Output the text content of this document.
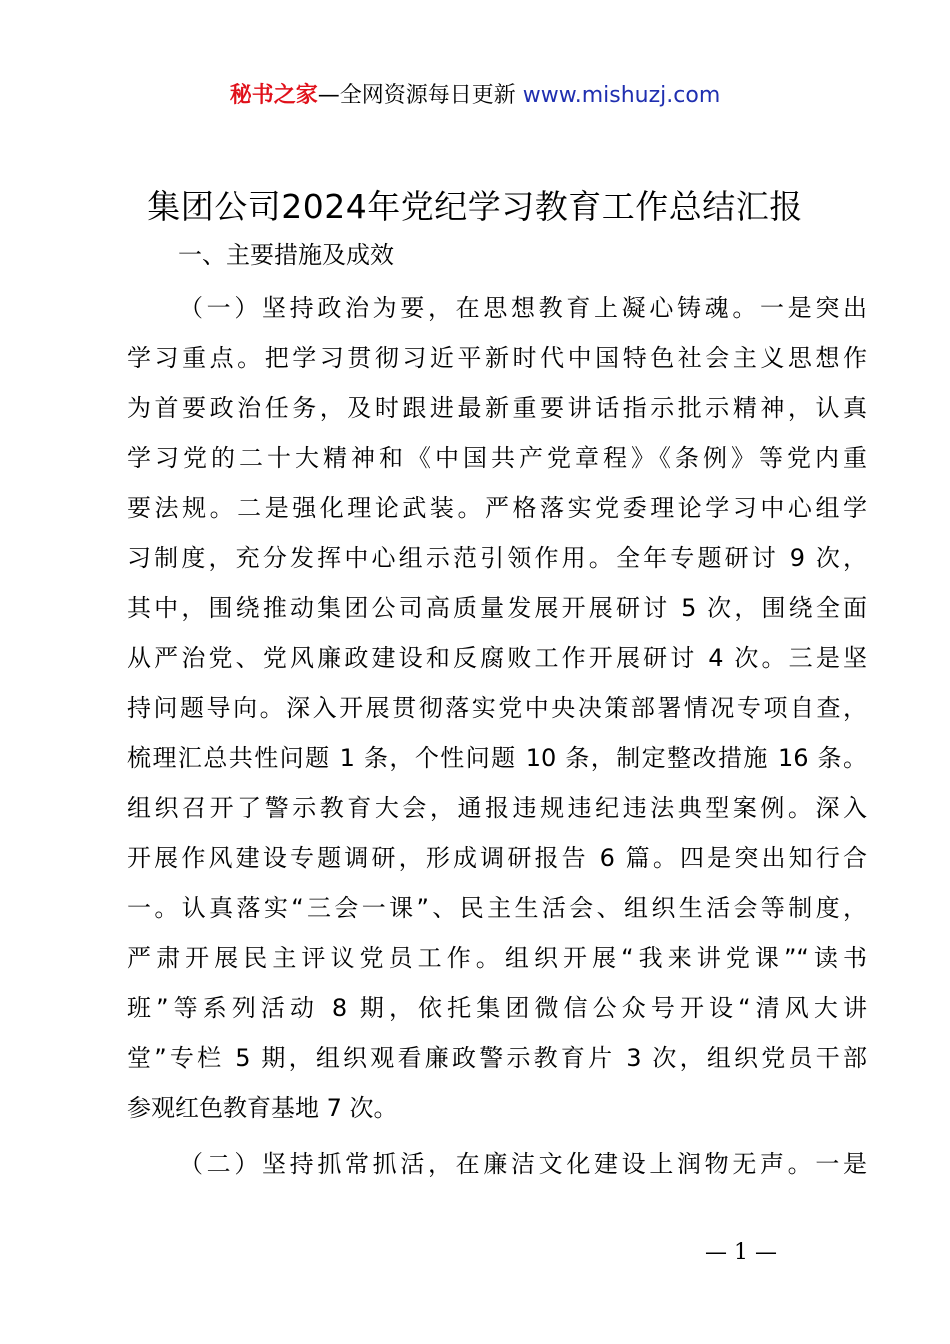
秘书之家—全网资源每日更新 www.mishuzj.com
集团公司2024年党纪学习教育工作总结汇报
一、主要措施及成效
（一）坚持政治为要，在思想教育上凝心铸魂。一是突出
学习重点。把学习贯彻习近平新时代中国特色社会主义思想作
为首要政治任务，及时跟进最新重要讲话指示批示精神，认真
学习党的二十大精神和《中国共产党章程》《条例》等党内重
要法规。二是强化理论武装。严格落实党委理论学习中心组学
习制度，充分发挥中心组示范引领作用。全年专题研讨 9 次，
其中，围绕推动集团公司高质量发展开展研讨 5 次，围绕全面
从严治党、党风廉政建设和反腐败工作开展研讨 4 次。三是坚
持问题导向。深入开展贯彻落实党中央决策部署情况专项自查，
梳理汇总共性问题 1 条，个性问题 10 条，制定整改措施 16 条。
组织召开了警示教育大会，通报违规违纪违法典型案例。深入
开展作风建设专题调研，形成调研报告 6 篇。四是突出知行合
一。认真落实“三会一课”、民主生活会、组织生活会等制度，
严肃开展民主评议党员工作。组织开展“我来讲党课”“读书
班”等系列活动 8 期，依托集团微信公众号开设“清风大讲
堂”专栏 5 期，组织观看廉政警示教育片 3 次，组织党员干部
参观红色教育基地 7 次。
（二）坚持抓常抓活，在廉洁文化建设上润物无声。一是
— 1 —
